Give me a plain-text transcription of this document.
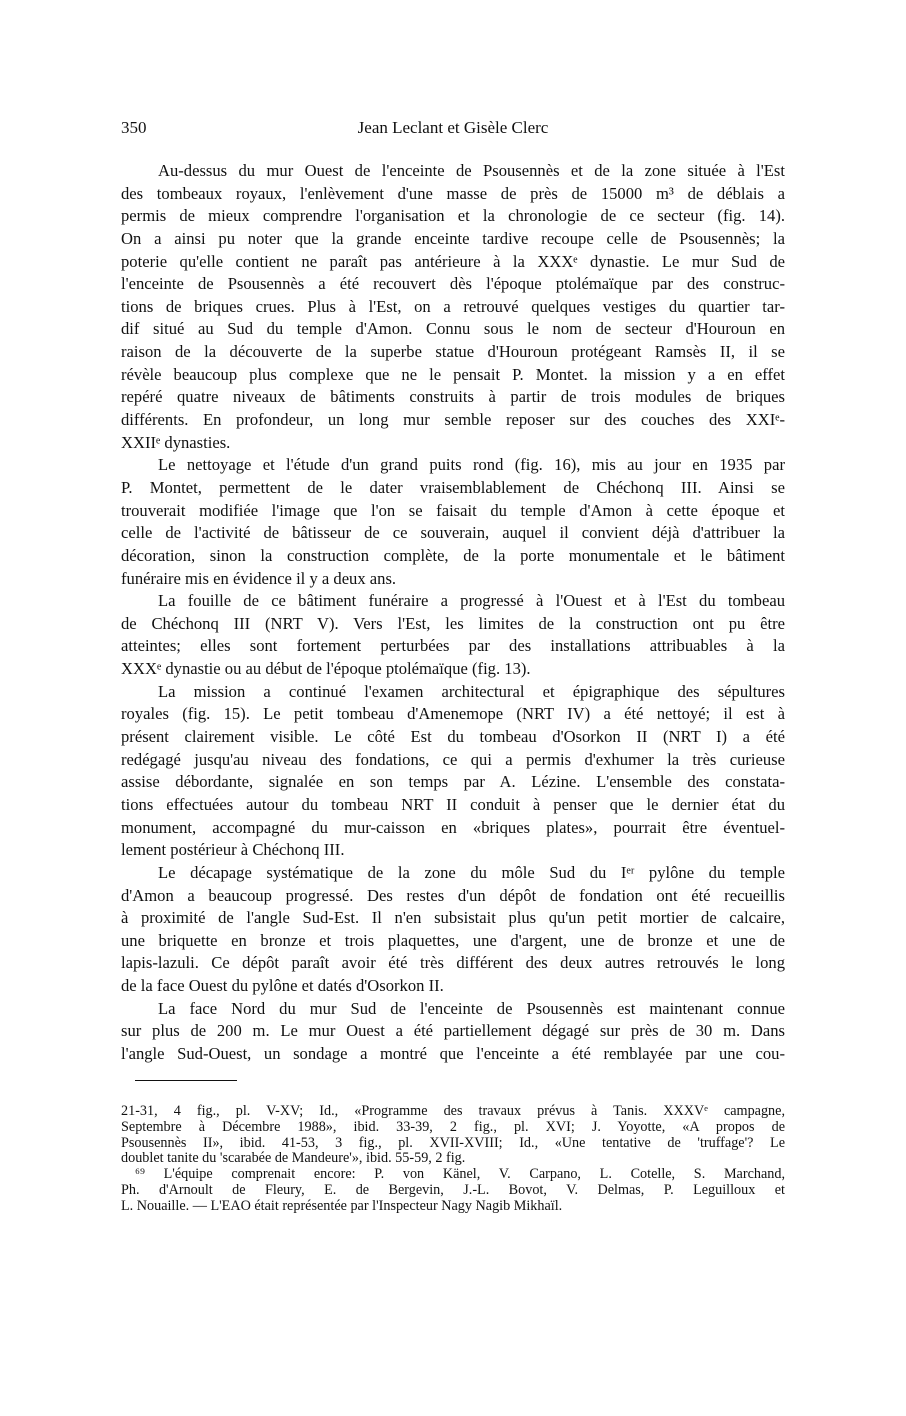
350	Jean Leclant et Gisèle Clerc
Au-dessus du mur Ouest de l'enceinte de Psousennès et de la zone située à l'Est
des tombeaux royaux, l'enlèvement d'une masse de près de 15000 m³ de déblais a
permis de mieux comprendre l'organisation et la chronologie de ce secteur (fig. 14).
On a ainsi pu noter que la grande enceinte tardive recoupe celle de Psousennès; la
poterie qu'elle contient ne paraît pas antérieure à la XXXᵉ dynastie. Le mur Sud de
l'enceinte de Psousennès a été recouvert dès l'époque ptolémaïque par des construc-
tions de briques crues. Plus à l'Est, on a retrouvé quelques vestiges du quartier tar-
dif situé au Sud du temple d'Amon. Connu sous le nom de secteur d'Houroun en
raison de la découverte de la superbe statue d'Houroun protégeant Ramsès II, il se
révèle beaucoup plus complexe que ne le pensait P. Montet. la mission y a en effet
repéré quatre niveaux de bâtiments construits à partir de trois modules de briques
différents. En profondeur, un long mur semble reposer sur des couches des XXIᵉ-
XXIIᵉ dynasties.
Le nettoyage et l'étude d'un grand puits rond (fig. 16), mis au jour en 1935 par
P. Montet, permettent de le dater vraisemblablement de Chéchonq III. Ainsi se
trouverait modifiée l'image que l'on se faisait du temple d'Amon à cette époque et
celle de l'activité de bâtisseur de ce souverain, auquel il convient déjà d'attribuer la
décoration, sinon la construction complète, de la porte monumentale et le bâtiment
funéraire mis en évidence il y a deux ans.
La fouille de ce bâtiment funéraire a progressé à l'Ouest et à l'Est du tombeau
de Chéchonq III (NRT V). Vers l'Est, les limites de la construction ont pu être
atteintes; elles sont fortement perturbées par des installations attribuables à la
XXXᵉ dynastie ou au début de l'époque ptolémaïque (fig. 13).
La mission a continué l'examen architectural et épigraphique des sépultures
royales (fig. 15). Le petit tombeau d'Amenemope (NRT IV) a été nettoyé; il est à
présent clairement visible. Le côté Est du tombeau d'Osorkon II (NRT I) a été
redégagé jusqu'au niveau des fondations, ce qui a permis d'exhumer la très curieuse
assise débordante, signalée en son temps par A. Lézine. L'ensemble des constata-
tions effectuées autour du tombeau NRT II conduit à penser que le dernier état du
monument, accompagné du mur-caisson en «briques plates», pourrait être éventuel-
lement postérieur à Chéchonq III.
Le décapage systématique de la zone du môle Sud du Iᵉʳ pylône du temple
d'Amon a beaucoup progressé. Des restes d'un dépôt de fondation ont été recueillis
à proximité de l'angle Sud-Est. Il n'en subsistait plus qu'un petit mortier de calcaire,
une briquette en bronze et trois plaquettes, une d'argent, une de bronze et une de
lapis-lazuli. Ce dépôt paraît avoir été très différent des deux autres retrouvés le long
de la face Ouest du pylône et datés d'Osorkon II.
La face Nord du mur Sud de l'enceinte de Psousennès est maintenant connue
sur plus de 200 m. Le mur Ouest a été partiellement dégagé sur près de 30 m. Dans
l'angle Sud-Ouest, un sondage a montré que l'enceinte a été remblayée par une cou-
21-31, 4 fig., pl. V-XV; Id., «Programme des travaux prévus à Tanis. XXXVᵉ campagne,
Septembre à Décembre 1988», ibid. 33-39, 2 fig., pl. XVI; J. Yoyotte, «A propos de
Psousennès II», ibid. 41-53, 3 fig., pl. XVII-XVIII; Id., «Une tentative de 'truffage'? Le
doublet tanite du 'scarabée de Mandeure'», ibid. 55-59, 2 fig.
⁶⁹ L'équipe comprenait encore: P. von Känel, V. Carpano, L. Cotelle, S. Marchand,
Ph. d'Arnoult de Fleury, E. de Bergevin, J.-L. Bovot, V. Delmas, P. Leguilloux et
L. Nouaille. — L'EAO était représentée par l'Inspecteur Nagy Nagib Mikhaïl.
